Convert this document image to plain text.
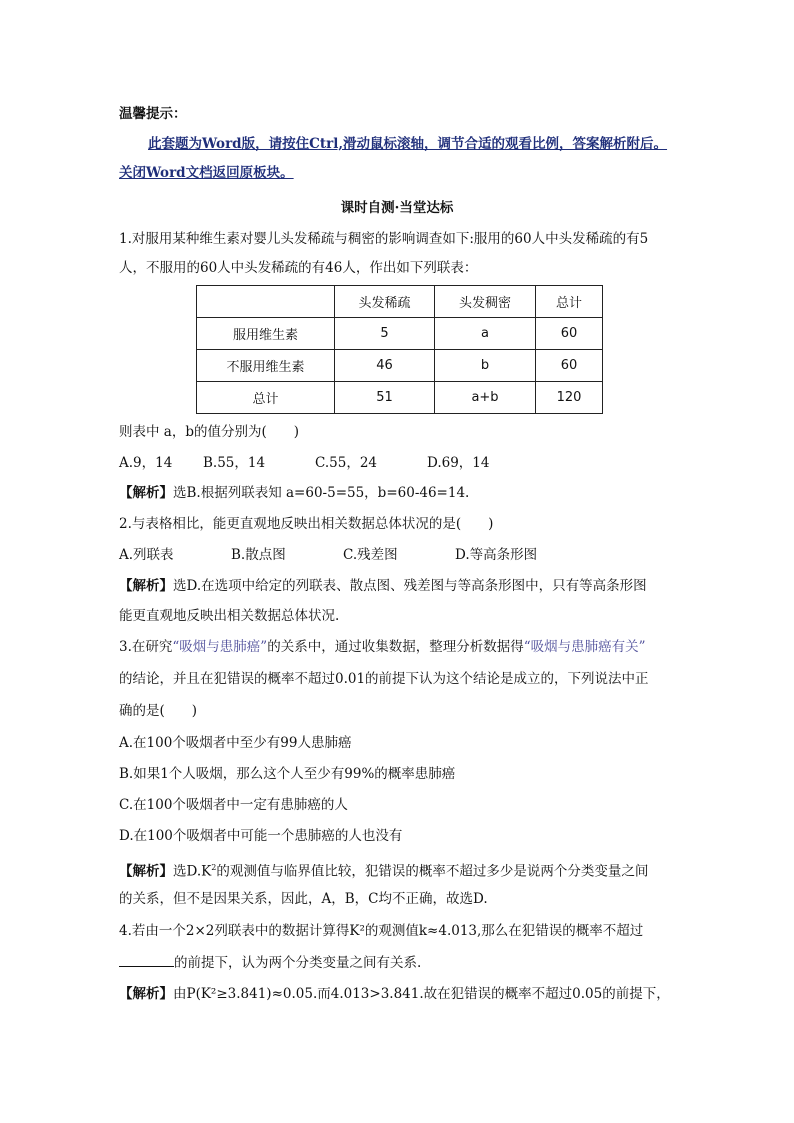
温馨提示：
此套题为Word版，请按住Ctrl,滑动鼠标滚轴，调节合适的观看比例，答案解析附后。
关闭Word文档返回原板块。
课时自测·当堂达标
1.对服用某种维生素对婴儿头发稀疏与稠密的影响调查如下:服用的60人中头发稀疏的有5
人，不服用的60人中头发稀疏的有46人，作出如下列联表：
	头发稀疏	头发稠密	总计
服用维生素	5	a	60
不服用维生素	46	b	60
总计	51	a+b	120
则表中 a，b的值分别为(　　)
A.9，14 B.55，14	C.55，24	D.69，14
【解析】选B.根据列联表知 a=60-5=55，b=60-46=14.
2.与表格相比，能更直观地反映出相关数据总体状况的是(　　)
A.列联表	B.散点图	C.残差图	D.等高条形图
【解析】选D.在选项中给定的列联表、散点图、残差图与等高条形图中，只有等高条形图
能更直观地反映出相关数据总体状况.
3.在研究“吸烟与患肺癌”的关系中，通过收集数据，整理分析数据得“吸烟与患肺癌有关”
的结论，并且在犯错误的概率不超过0.01的前提下认为这个结论是成立的，下列说法中正
确的是(　　)
A.在100个吸烟者中至少有99人患肺癌
B.如果1个人吸烟，那么这个人至少有99%的概率患肺癌
C.在100个吸烟者中一定有患肺癌的人
D.在100个吸烟者中可能一个患肺癌的人也没有
【解析】选$D.K^2$的观测值与临界值比较，犯错误的概率不超过多少是说两个分类变量之间
的关系，但不是因果关系，因此，A，B，C均不正确，故选D.
4.若由一个2×2列联表中的数据计算得K²的观测值k≈4.013,那么在犯错误的概率不超过
的前提下，认为两个分类变量之间有关系.
【解析】由P(K²≥3.841)≈0.05.而4.013>3.841.故在犯错误的概率不超过0.05的前提下，
